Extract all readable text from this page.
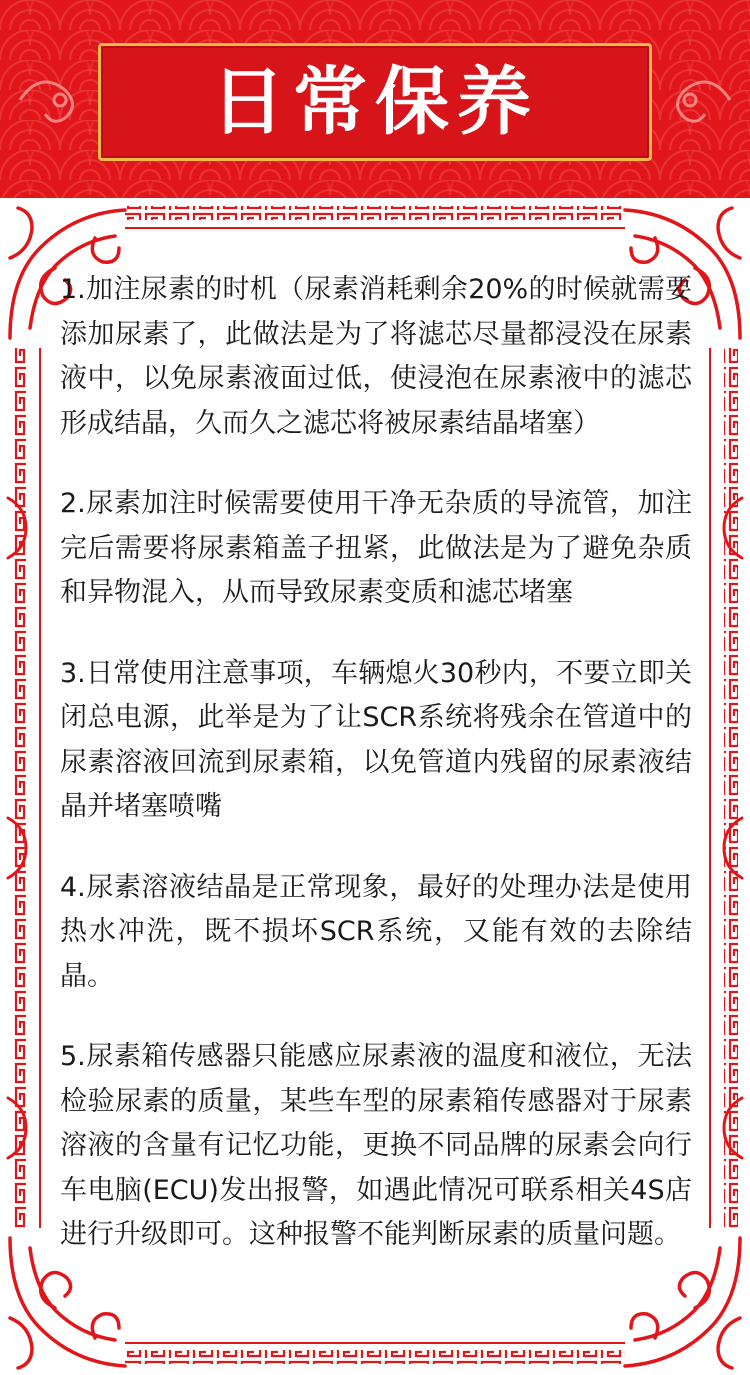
日常保养

1.加注尿素的时机（尿素消耗剩余20%的时候就需要添加尿素了，此做法是为了将滤芯尽量都浸没在尿素液中，以免尿素液面过低，使浸泡在尿素液中的滤芯形成结晶，久而久之滤芯将被尿素结晶堵塞）

2.尿素加注时候需要使用干净无杂质的导流管，加注完后需要将尿素箱盖子扭紧，此做法是为了避免杂质和异物混入，从而导致尿素变质和滤芯堵塞

3.日常使用注意事项，车辆熄火30秒内，不要立即关闭总电源，此举是为了让SCR系统将残余在管道中的尿素溶液回流到尿素箱，以免管道内残留的尿素液结晶并堵塞喷嘴

4.尿素溶液结晶是正常现象，最好的处理办法是使用热水冲洗，既不损坏SCR系统，又能有效的去除结晶。

5.尿素箱传感器只能感应尿素液的温度和液位，无法检验尿素的质量，某些车型的尿素箱传感器对于尿素溶液的含量有记忆功能，更换不同品牌的尿素会向行车电脑(ECU)发出报警，如遇此情况可联系相关4S店进行升级即可。这种报警不能判断尿素的质量问题。
